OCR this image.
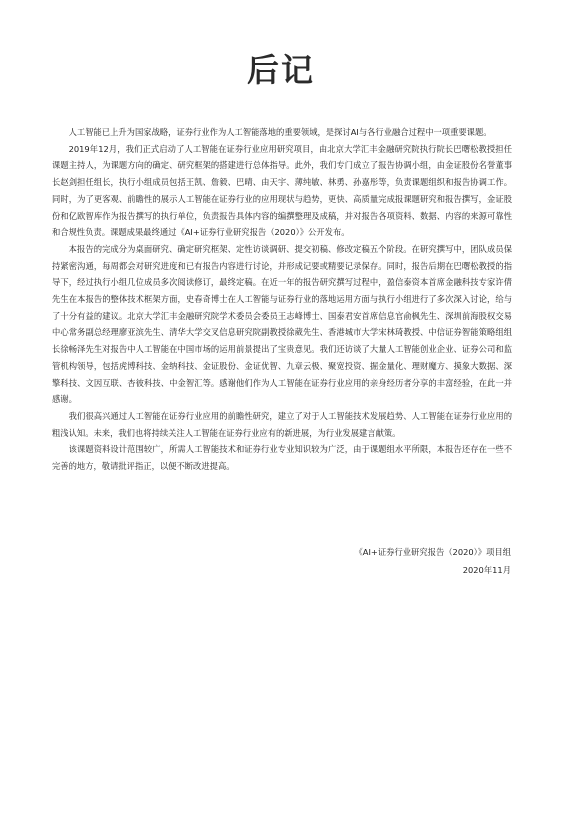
后记

人工智能已上升为国家战略，证券行业作为人工智能落地的重要领域，是探讨AI与各行业融合过程中一项重要课题。

2019年12月，我们正式启动了人工智能在证券行业应用研究项目，由北京大学汇丰金融研究院执行院长巴曙松教授担任课题主持人，为课题方向的确定、研究框架的搭建进行总体指导。此外，我们专门成立了报告协调小组，由金证股份名誉董事长赵剑担任组长，执行小组成员包括王凯、詹毅、巴晴、由天宇、薄纯敏、林勇、孙嘉彤等，负责课题组织和报告协调工作。同时，为了更客观、前瞻性的展示人工智能在证券行业的应用现状与趋势，更快、高质量完成报课题研究和报告撰写，金证股份和亿欧智库作为报告撰写的执行单位，负责报告具体内容的编撰整理及成稿，并对报告各项资料、数据、内容的来源可靠性和合规性负责。课题成果最终通过《AI+证券行业研究报告（2020）》公开发布。

本报告的完成分为桌面研究、确定研究框架、定性访谈调研、提交初稿、修改定稿五个阶段。在研究撰写中，团队成员保持紧密沟通，每周都会对研究进度和已有报告内容进行讨论，并形成记要或精要记录保存。同时，报告后期在巴曙松教授的指导下，经过执行小组几位成员多次阅读修订，最终定稿。在近一年的报告研究撰写过程中，盈信泰资本首席金融科技专家许倩先生在本报告的整体技术框架方面，史春奇博士在人工智能与证券行业的落地运用方面与执行小组进行了多次深入讨论，给与了十分有益的建议。北京大学汇丰金融研究院学术委员会委员王志峰博士、国泰君安首席信息官俞枫先生、深圳前海股权交易中心常务副总经理廖亚滨先生、清华大学交叉信息研究院副教授徐葳先生、香港城市大学宋林琦教授、中信证券智能策略组组长徐畅泽先生对报告中人工智能在中国市场的运用前景提出了宝贵意见。我们还访谈了大量人工智能创业企业、证券公司和监管机构领导，包括虎博科技、金纳科技、金证股份、金证优智、九章云极、聚宽投资、掘金量化、理财魔方、摸象大数据、深擎科技、文因互联、杏彼科技、中金智汇等。感谢他们作为人工智能在证券行业应用的亲身经历者分享的丰富经验，在此一并感谢。

我们很高兴通过人工智能在证券行业应用的前瞻性研究，建立了对于人工智能技术发展趋势、人工智能在证券行业应用的粗浅认知。未来，我们也将持续关注人工智能在证券行业应有的新进展，为行业发展建言献策。

该课题资料设计范围较广，所需人工智能技术和证券行业专业知识较为广泛，由于课题组水平所限，本报告还存在一些不完善的地方，敬请批评指正，以便不断改进提高。

《AI+证券行业研究报告（2020）》项目组

2020年11月
